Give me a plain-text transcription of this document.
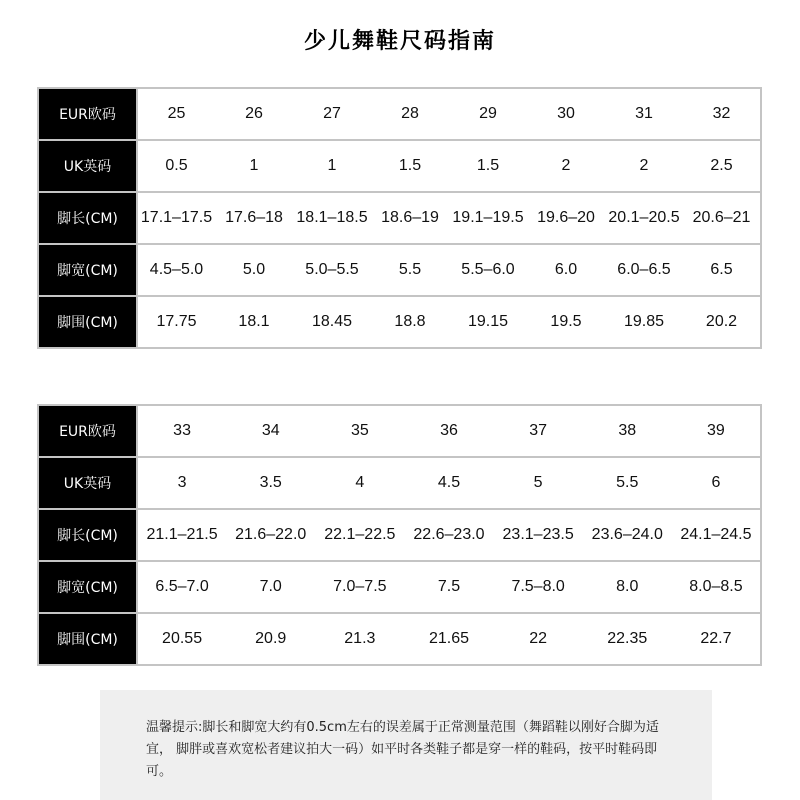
少儿舞鞋尺码指南
EUR欧码	25	26	27	28	29	30	31	32
UK英码	0.5	1	1	1.5	1.5	2	2	2.5
脚长(CM)	17.1–17.5	17.6–18	18.1–18.5	18.6–19	19.1–19.5	19.6–20	20.1–20.5	20.6–21
脚宽(CM)	4.5–5.0	5.0	5.0–5.5	5.5	5.5–6.0	6.0	6.0–6.5	6.5
脚围(CM)	17.75	18.1	18.45	18.8	19.15	19.5	19.85	20.2
EUR欧码	33	34	35	36	37	38	39
UK英码	3	3.5	4	4.5	5	5.5	6
脚长(CM)	21.1–21.5	21.6–22.0	22.1–22.5	22.6–23.0	23.1–23.5	23.6–24.0	24.1–24.5
脚宽(CM)	6.5–7.0	7.0	7.0–7.5	7.5	7.5–8.0	8.0	8.0–8.5
脚围(CM)	20.55	20.9	21.3	21.65	22	22.35	22.7

温馨提示:脚长和脚宽大约有0.5cm左右的误差属于正常测量范围（舞蹈鞋以刚好合脚为适宜， 脚胖或喜欢宽松者建议拍大一码）如平时各类鞋子都是穿一样的鞋码，按平时鞋码即可。
